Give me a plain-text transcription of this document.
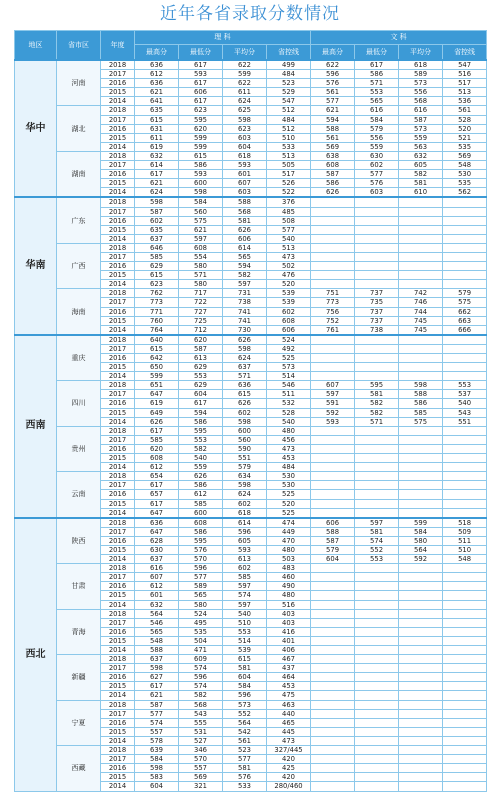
近年各省录取分数情况
地区	省市区	年度	理 科				文 科			
			最高分	最低分	平均分	省控线	最高分	最低分	平均分	省控线
华中	河南	2018	636	617	622	499	622	617	618	547
		2017	612	593	599	484	596	586	589	516
		2016	636	617	622	523	576	571	573	517
		2015	621	606	611	529	561	553	556	513
		2014	641	617	624	547	577	565	568	536
	湖北	2018	635	623	625	512	621	616	616	561
		2017	615	595	598	484	594	584	587	528
		2016	631	620	623	512	588	579	573	520
		2015	611	599	603	510	561	556	559	521
		2014	619	599	604	533	569	559	563	535
	湖南	2018	632	615	618	513	638	630	632	569
		2017	614	586	593	505	608	602	605	548
		2016	617	593	601	517	587	577	582	530
		2015	621	600	607	526	586	576	581	535
		2014	624	598	603	522	626	603	610	562
华南	广东	2018	598	584	588	376				
		2017	587	560	568	485				
		2016	602	575	581	508				
		2015	635	621	626	577				
		2014	637	597	606	540				
	广西	2018	646	608	614	513				
		2017	585	554	565	473				
		2016	629	580	594	502				
		2015	615	571	582	476				
		2014	623	580	597	520				
	海南	2018	762	717	731	539	751	737	742	579
		2017	773	722	738	539	773	735	746	575
		2016	771	727	741	602	756	737	744	662
		2015	760	725	741	608	752	737	745	663
		2014	764	712	730	606	761	738	745	666
西南	重庆	2018	640	620	626	524				
		2017	615	587	598	492				
		2016	642	613	624	525				
		2015	650	629	637	573				
		2014	599	553	571	514				
	四川	2018	651	629	636	546	607	595	598	553
		2017	647	604	615	511	597	581	588	537
		2016	619	617	626	532	591	582	586	540
		2015	649	594	602	528	592	582	585	543
		2014	626	586	598	540	593	571	575	551
	贵州	2018	617	595	600	480				
		2017	585	553	560	456				
		2016	620	582	590	473				
		2015	608	540	551	453				
		2014	612	559	579	484				
	云南	2018	654	626	634	530				
		2017	617	586	598	530				
		2016	657	612	624	525				
		2015	617	585	602	520				
		2014	647	600	618	525				
西北	陕西	2018	636	608	614	474	606	597	599	518
		2017	647	586	596	449	588	581	584	509
		2016	628	595	605	470	587	574	580	511
		2015	630	576	593	480	579	552	564	510
		2014	637	570	613	503	604	553	592	548
	甘肃	2018	616	596	602	483				
		2017	607	577	585	460				
		2016	612	589	597	490				
		2015	601	565	574	480				
		2014	632	580	597	516				
	青海	2018	564	524	540	403				
		2017	546	495	510	403				
		2016	565	535	553	416				
		2015	548	504	514	401				
		2014	588	471	539	406				
	新疆	2018	637	609	615	467				
		2017	598	574	581	437				
		2016	627	596	604	464				
		2015	617	574	584	453				
		2014	621	582	596	475				
	宁夏	2018	587	568	573	463				
		2017	577	543	552	440				
		2016	574	555	564	465				
		2015	557	531	542	445				
		2014	578	527	561	473				
	西藏	2018	639	346	523	327/445				
		2017	584	570	577	420				
		2016	598	557	581	425				
		2015	583	569	576	420				
		2014	604	321	533	280/460				
